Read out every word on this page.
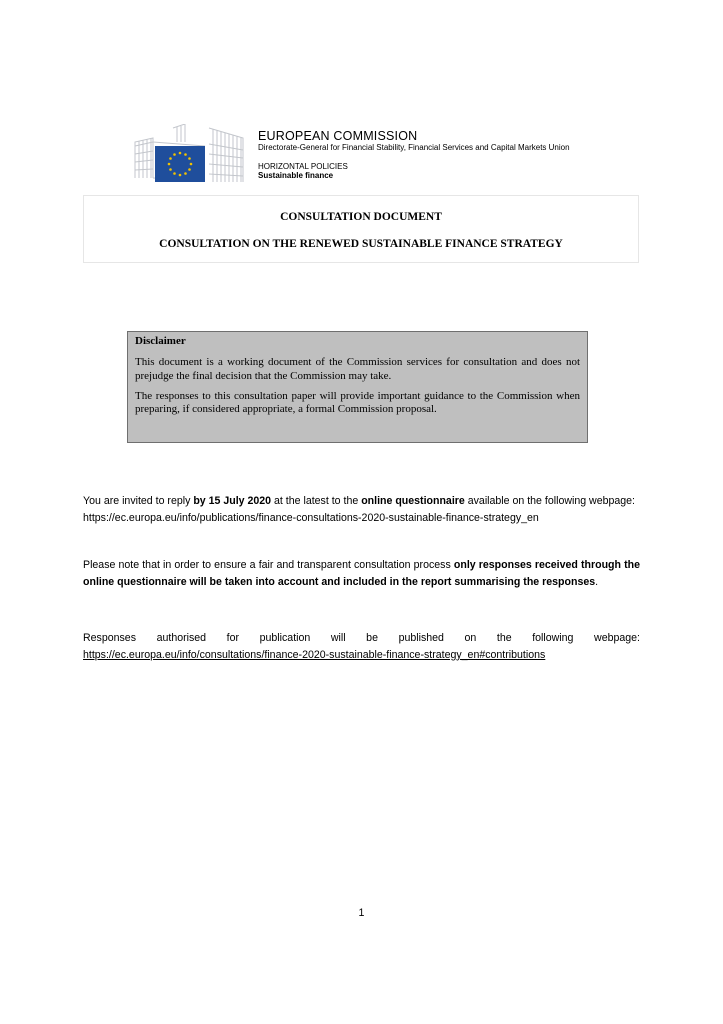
EUROPEAN COMMISSION
Directorate-General for Financial Stability, Financial Services and Capital Markets Union
HORIZONTAL POLICIES
Sustainable finance
CONSULTATION DOCUMENT
CONSULTATION ON THE RENEWED SUSTAINABLE FINANCE STRATEGY
Disclaimer

This document is a working document of the Commission services for consultation and does not prejudge the final decision that the Commission may take.

The responses to this consultation paper will provide important guidance to the Commission when preparing, if considered appropriate, a formal Commission proposal.

You are invited to reply by 15 July 2020 at the latest to the online questionnaire available on the following webpage:
https://ec.europa.eu/info/publications/finance-consultations-2020-sustainable-finance-strategy_en
Please note that in order to ensure a fair and transparent consultation process only responses received through the online questionnaire will be taken into account and included in the report summarising the responses.
Responses authorised for publication will be published on the following webpage:
https://ec.europa.eu/info/consultations/finance-2020-sustainable-finance-strategy_en#contributions
1
